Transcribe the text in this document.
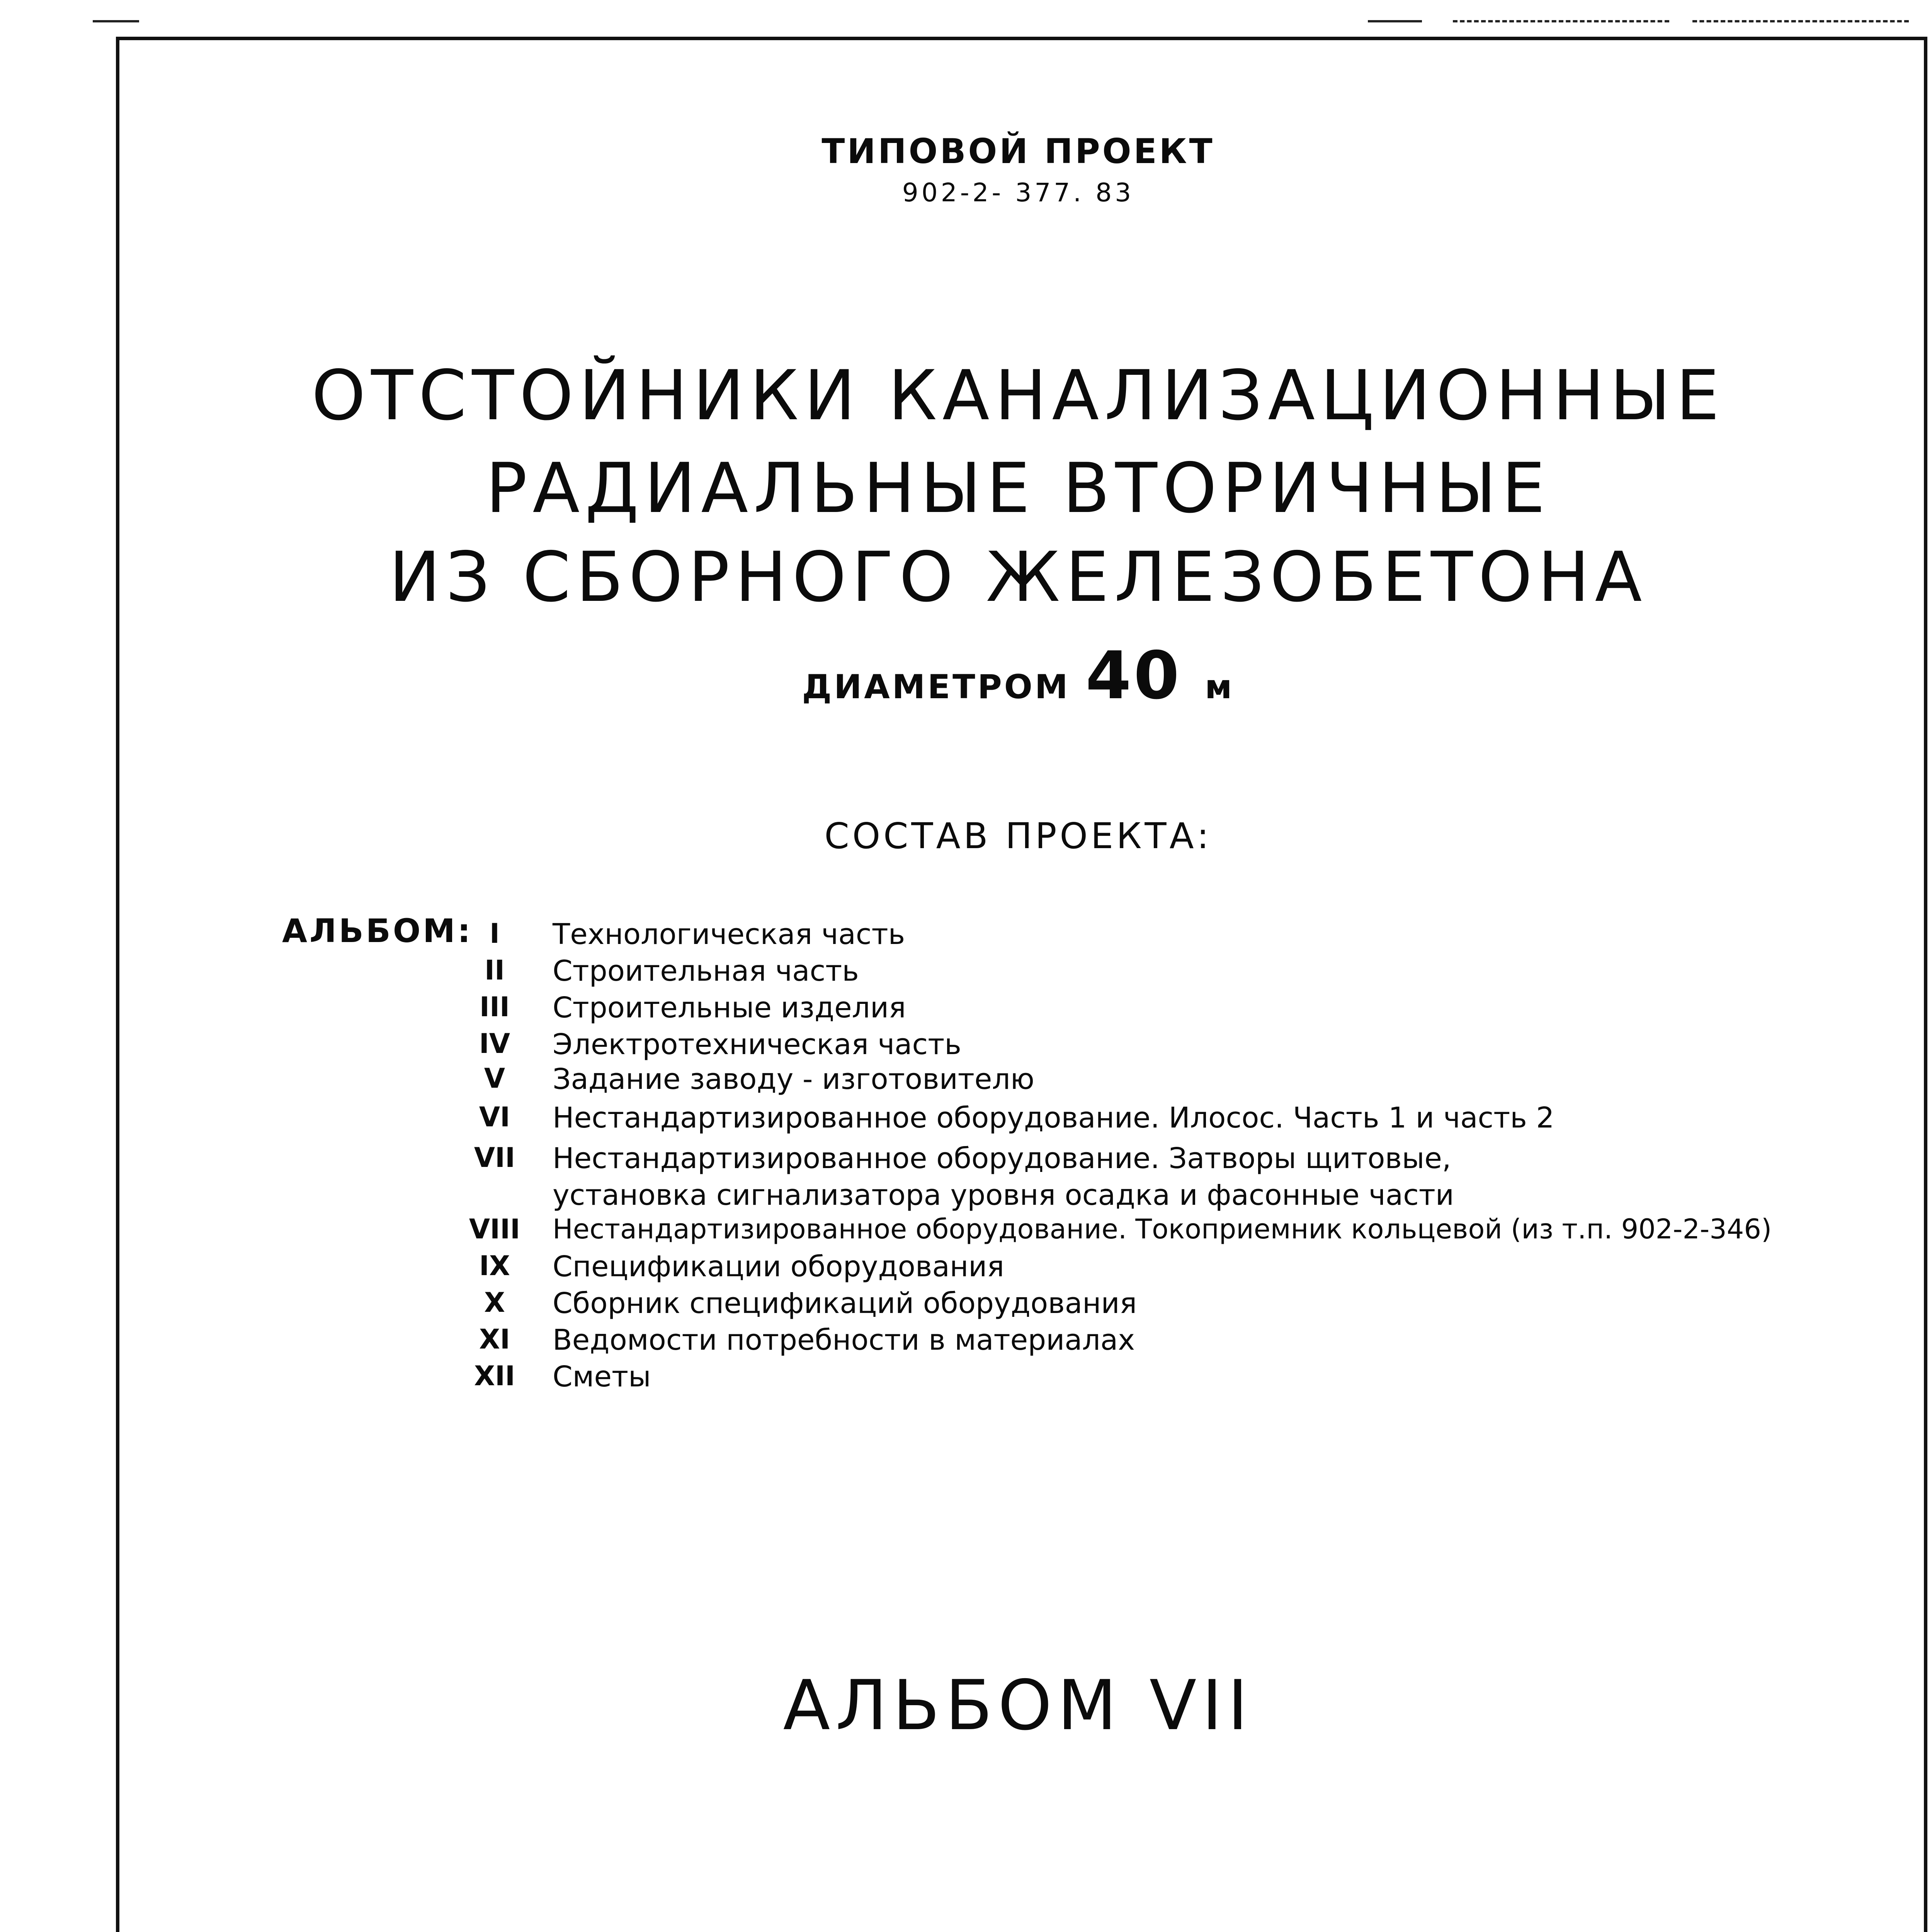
ТИПОВОЙ ПРОЕКТ
902-2- 377. 83
ОТСТОЙНИКИ КАНАЛИЗАЦИОННЫЕ
РАДИАЛЬНЫЕ ВТОРИЧНЫЕ
ИЗ СБОРНОГО ЖЕЛЕЗОБЕТОНА
ДИАМЕТРОМ 40 м
СОСТАВ ПРОЕКТА:
АЛЬБОМ: I	Технологическая часть
II	Строительная часть
III	Строительные изделия
IV	Электротехническая часть
V	Задание заводу - изготовителю
VI	Нестандартизированное оборудование. Илосос. Часть 1 и часть 2
VII Нестандартизированное оборудование. Затворы щитовые,
установка сигнализатора уровня осадка и фасонные части
VIII Нестандартизированное оборудование. Токоприемник кольцевой (из т.п. 902-2-346)
IX	Спецификации оборудования
X	Сборник спецификаций оборудования
XI	Ведомости потребности в материалах
XII Сметы
АЛЬБОМ VII
